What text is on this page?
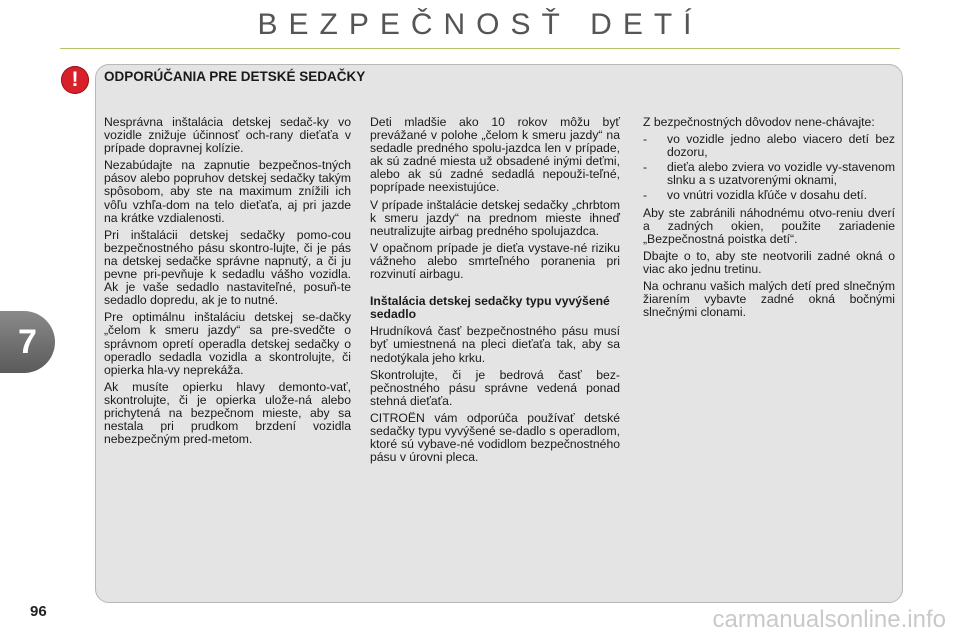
BEZPEČNOSŤ DETÍ
7
!	ODPORÚČANIA PRE DETSKÉ SEDAČKY

Nesprávna inštalácia detskej sedač-ky vo vozidle znižuje účinnosť och-rany dieťaťa v prípade dopravnej kolízie.

Nezabúdajte na zapnutie bezpečnos-tných pásov alebo popruhov detskej sedačky takým spôsobom, aby ste na maximum znížili ich vôľu vzhľa-dom na telo dieťaťa, aj pri jazde na krátke vzdialenosti.

Pri inštalácii detskej sedačky pomo-cou bezpečnostného pásu skontro-lujte, či je pás na detskej sedačke správne napnutý, a či ju pevne pri-pevňuje k sedadlu vášho vozidla. Ak je vaše sedadlo nastaviteľné, posuň-te sedadlo dopredu, ak je to nutné.

Pre optimálnu inštaláciu detskej se-dačky „čelom k smeru jazdy“ sa pre-svedčte o správnom opretí operadla detskej sedačky o operadlo sedadla vozidla a skontrolujte, či opierka hla-vy neprekáža.

Ak musíte opierku hlavy demonto-vať, skontrolujte, či je opierka ulože-ná alebo prichytená na bezpečnom mieste, aby sa nestala pri prudkom brzdení vozidla nebezpečným pred-metom.

Deti mladšie ako 10 rokov môžu byť prevážané v polohe „čelom k smeru jazdy“ na sedadle predného spolu-jazdca len v prípade, ak sú zadné miesta už obsadené inými deťmi, alebo ak sú zadné sedadlá nepouži-teľné, poprípade neexistujúce.

V prípade inštalácie detskej sedačky „chrbtom k smeru jazdy“ na prednom mieste ihneď neutralizujte airbag predného spolujazdca.

V opačnom prípade je dieťa vystave-né riziku vážneho alebo smrteľného poranenia pri rozvinutí airbagu.

Inštalácia detskej sedačky typu vyvýšené sedadlo

Hrudníková časť bezpečnostného pásu musí byť umiestnená na pleci dieťaťa tak, aby sa nedotýkala jeho krku.

Skontrolujte, či je bedrová časť bez-pečnostného pásu správne vedená ponad stehná dieťaťa.

CITROËN vám odporúča používať detské sedačky typu vyvýšené se-dadlo s operadlom, ktoré sú vybave-né vodidlom bezpečnostného pásu v úrovni pleca.

Z bezpečnostných dôvodov nene-chávajte:

-	vo vozidle jedno alebo viacero detí bez dozoru,
-	dieťa alebo zviera vo vozidle vy-stavenom slnku a s uzatvorenými oknami,
-	vo vnútri vozidla kľúče v dosahu detí.

Aby ste zabránili náhodnému otvo-reniu dverí a zadných okien, použite zariadenie „Bezpečnostná poistka detí“.

Dbajte o to, aby ste neotvorili zadné okná o viac ako jednu tretinu.

Na ochranu vašich malých detí pred slnečným žiarením vybavte zadné okná bočnými slnečnými clonami.

96	carmanualsonline.info
